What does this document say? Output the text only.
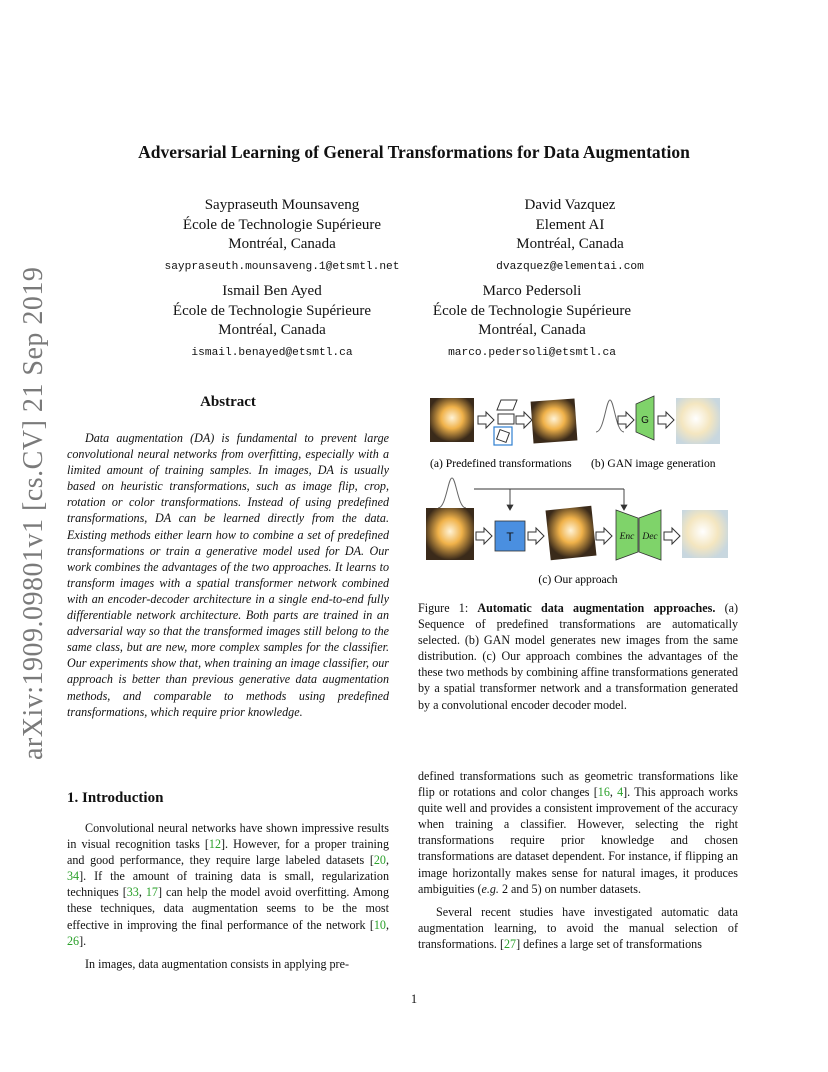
arXiv:1909.09801v1 [cs.CV] 21 Sep 2019
Adversarial Learning of General Transformations for Data Augmentation
Saypraseuth Mounsaveng
École de Technologie Supérieure
Montréal, Canada
saypraseuth.mounsaveng.1@etsmtl.net
David Vazquez
Element AI
Montréal, Canada
dvazquez@elementai.com
Ismail Ben Ayed
École de Technologie Supérieure
Montréal, Canada
ismail.benayed@etsmtl.ca
Marco Pedersoli
École de Technologie Supérieure
Montréal, Canada
marco.pedersoli@etsmtl.ca
Abstract
Data augmentation (DA) is fundamental to prevent large convolutional neural networks from overfitting, especially with a limited amount of training samples. In images, DA is usually based on heuristic transformations, such as image flip, crop, rotation or color transformations. Instead of using predefined transformations, DA can be learned directly from the data. Existing methods either learn how to combine a set of predefined transformations or train a generative model used for DA. Our work combines the advantages of the two approaches. It learns to transform images with a spatial transformer network combined with an encoder-decoder architecture in a single end-to-end fully differentiable network architecture. Both parts are trained in an adversarial way so that the transformed images still belong to the same class, but are new, more complex samples for the classifier. Our experiments show that, when training an image classifier, our approach is better than previous generative data augmentation methods, and comparable to methods using predefined transformations, which require prior knowledge.
G
(a) Predefined transformations (b) GAN image generation
T	Enc Dec
(c) Our approach
Figure 1: Automatic data augmentation approaches. (a) Sequence of predefined transformations are automatically selected. (b) GAN model generates new images from the same distribution. (c) Our approach combines the advantages of the these two methods by combining affine transformations generated by a spatial transformer network and a transformation generated by a convolutional encoder decoder model.
1. Introduction

Convolutional neural networks have shown impressive results in visual recognition tasks [12]. However, for a proper training and good performance, they require large labeled datasets [20, 34]. If the amount of training data is small, regularization techniques [33, 17] can help the model avoid overfitting. Among these techniques, data augmentation seems to be the most effective in improving the final performance of the network [10, 26].

In images, data augmentation consists in applying pre-

defined transformations such as geometric transformations like flip or rotations and color changes [16, 4]. This approach works quite well and provides a consistent improvement of the accuracy when training a classifier. However, selecting the right transformations require prior knowledge and chosen transformations are dataset dependent. For instance, if flipping an image horizontally makes sense for natural images, it produces ambiguities (e.g. 2 and 5) on number datasets.

Several recent studies have investigated automatic data augmentation learning, to avoid the manual selection of transformations. [27] defines a large set of transformations

1
